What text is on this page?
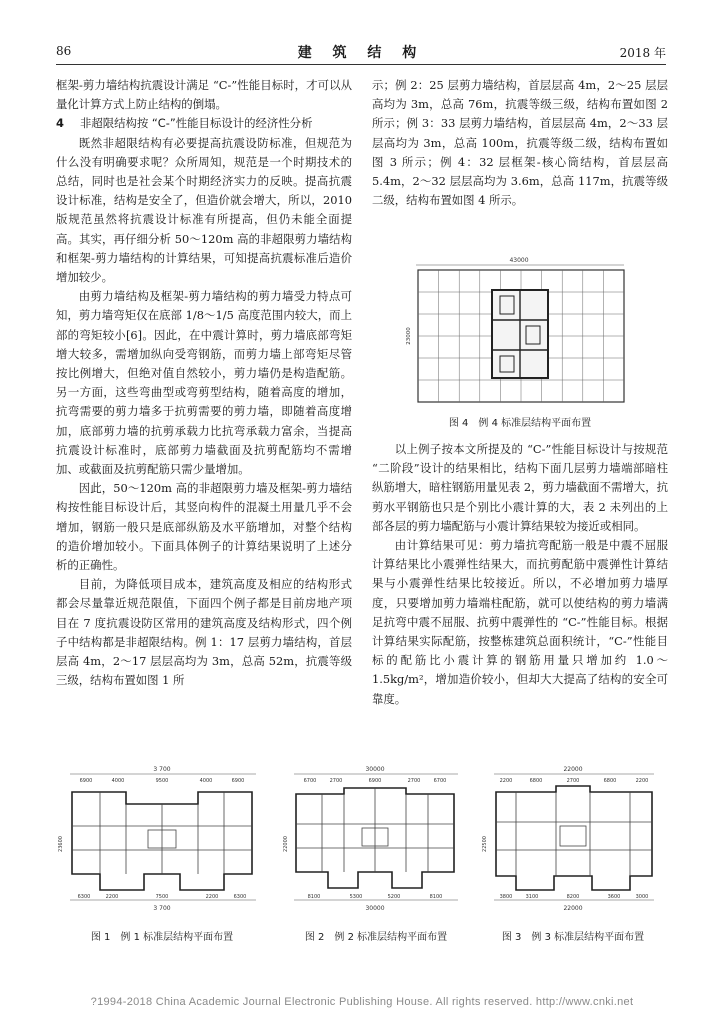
86	建 筑 结 构	2018 年

框架-剪力墙结构抗震设计满足 “C-”性能目标时，才可以从量化计算方式上防止结构的倒塌。

4 非超限结构按 “C-”性能目标设计的经济性分析

既然非超限结构有必要提高抗震设防标准，但规范为什么没有明确要求呢？众所周知，规范是一个时期技术的总结，同时也是社会某个时期经济实力的反映。提高抗震设计标准，结构是安全了，但造价就会增大，所以，2010 版规范虽然将抗震设计标准有所提高，但仍未能全面提高。其实，再仔细分析 50～120m 高的非超限剪力墙结构和框架-剪力墙结构的计算结果，可知提高抗震标准后造价增加较少。

由剪力墙结构及框架-剪力墙结构的剪力墙受力特点可知，剪力墙弯矩仅在底部 1/8～1/5 高度范围内较大，而上部的弯矩较小[6]。因此，在中震计算时，剪力墙底部弯矩增大较多，需增加纵向受弯钢筋，而剪力墙上部弯矩尽管按比例增大，但绝对值自然较小，剪力墙仍是构造配筋。另一方面，这些弯曲型或弯剪型结构，随着高度的增加，抗弯需要的剪力墙多于抗剪需要的剪力墙，即随着高度增加，底部剪力墙的抗剪承载力比抗弯承载力富余，当提高抗震设计标准时，底部剪力墙截面及抗剪配筋均不需增加、或截面及抗剪配筋只需少量增加。

因此，50～120m 高的非超限剪力墙及框架-剪力墙结构按性能目标设计后，其竖向构件的混凝土用量几乎不会增加，钢筋一般只是底部纵筋及水平筋增加，对整个结构的造价增加较小。下面具体例子的计算结果说明了上述分析的正确性。

目前，为降低项目成本，建筑高度及相应的结构形式都会尽量靠近规范限值，下面四个例子都是目前房地产项目在 7 度抗震设防区常用的建筑高度及结构形式，四个例子中结构都是非超限结构。例 1：17 层剪力墙结构，首层层高 4m，2～17 层层高均为 3m，总高 52m，抗震等级三级，结构布置如图 1 所

示；例 2：25 层剪力墙结构，首层层高 4m，2～25 层层高均为 3m，总高 76m，抗震等级三级，结构布置如图 2 所示；例 3：33 层剪力墙结构，首层层高 4m，2～33 层层高均为 3m，总高 100m，抗震等级二级，结构布置如图 3 所示；例 4：32 层框架-核心筒结构，首层层高 5.4m，2～32 层层高均为 3.6m，总高 117m，抗震等级二级，结构布置如图 4 所示。

43000
23000
图 4　例 4 标准层结构平面布置

以上例子按本文所提及的 “C-”性能目标设计与按规范 “二阶段”设计的结果相比，结构下面几层剪力墙端部暗柱纵筋增大，暗柱钢筋用量见表 2，剪力墙截面不需增大，抗剪水平钢筋也只是个别比小震计算的大，表 2 未列出的上部各层的剪力墙配筋与小震计算结果较为接近或相同。

由计算结果可见：剪力墙抗弯配筋一般是中震不屈服计算结果比小震弹性结果大，而抗剪配筋中震弹性计算结果与小震弹性结果比较接近。所以，不必增加剪力墙厚度，只要增加剪力墙端柱配筋，就可以使结构的剪力墙满足抗弯中震不屈服、抗剪中震弹性的 “C-”性能目标。根据计算结果实际配筋，按整栋建筑总面积统计，“C-”性能目标的配筋比小震计算的钢筋用量只增加约 1.0～1.5kg/m²，增加造价较小，但却大大提高了结构的安全可靠度。

3 700
6900	4000	9500	4000	6900
23600
6300	2200	7500	2200	6300
3 700
30000
6700	2700	6900	2700	6700
22000
8100	5300	5200	8100
30000
22000
2200	6800	2700	6800	2200
22500
3800	3100	8200	3600	3000
22000
图 1　例 1 标准层结构平面布置	图 2　例 2 标准层结构平面布置	图 3　例 3 标准层结构平面布置
?1994-2018 China Academic Journal Electronic Publishing House. All rights reserved. http://www.cnki.net
